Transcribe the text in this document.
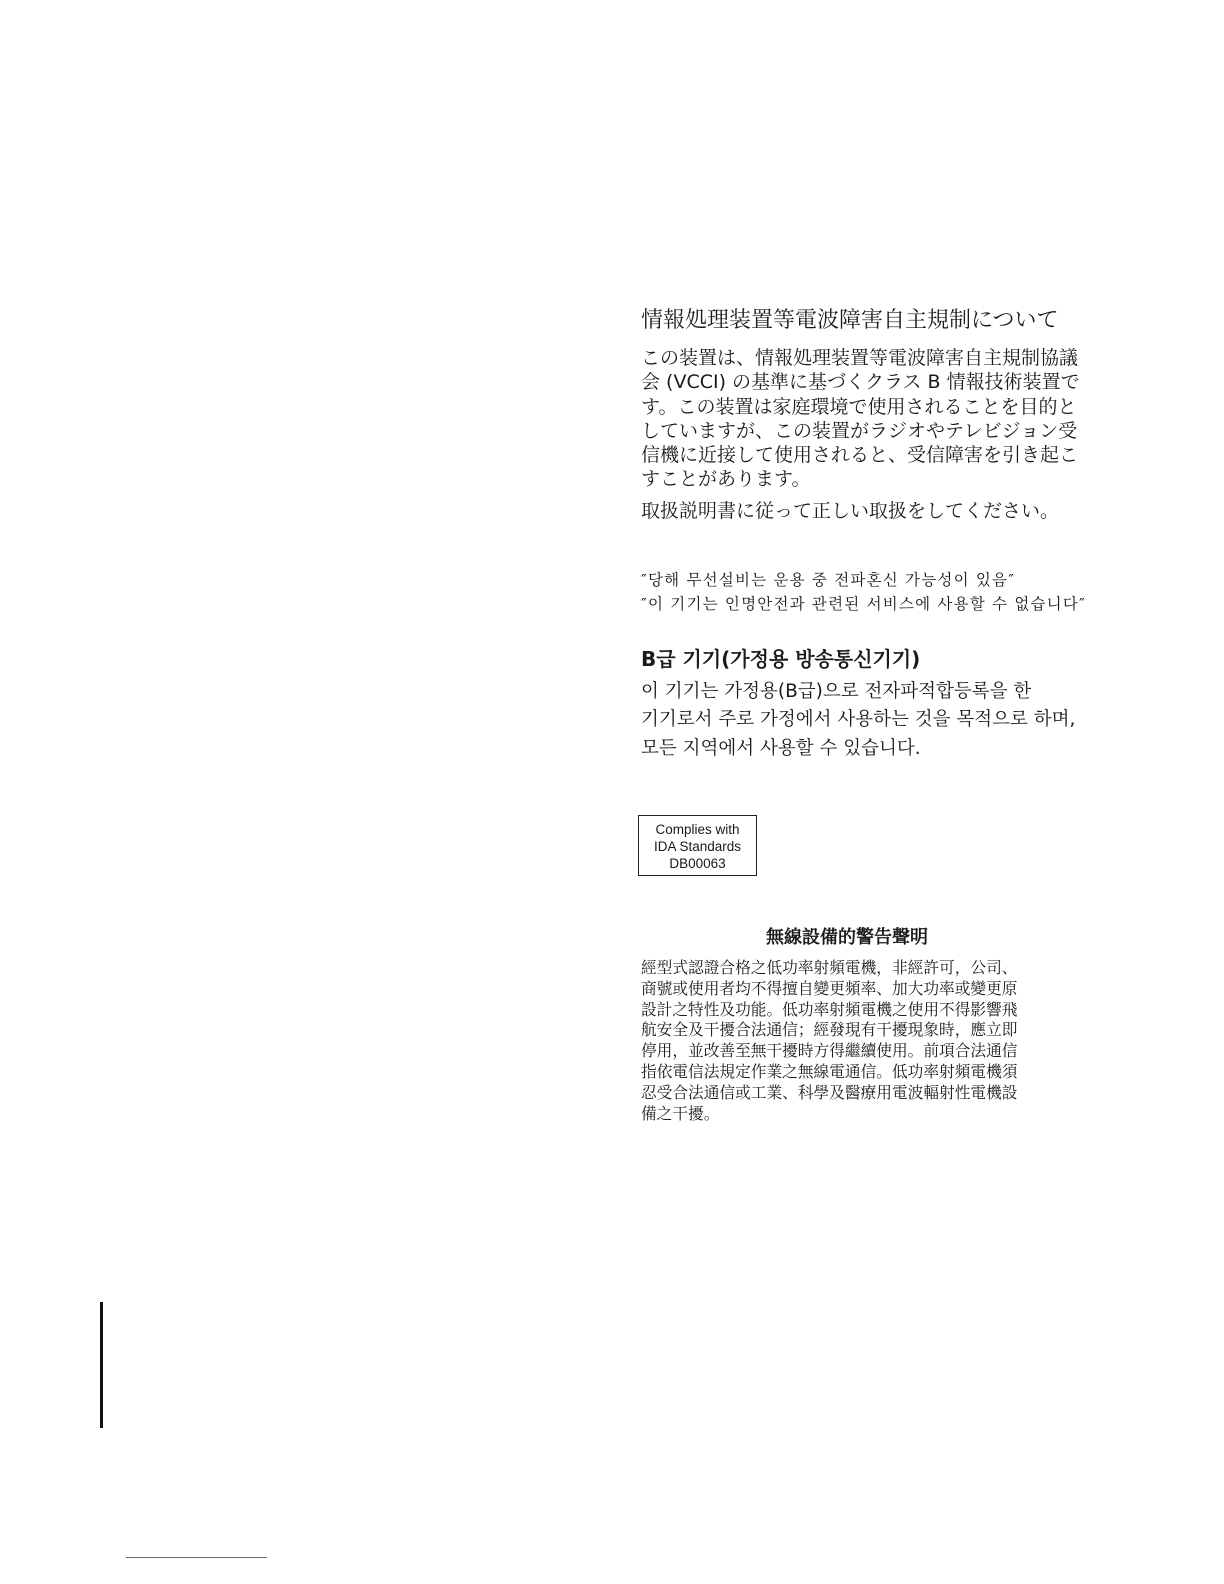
情報処理装置等電波障害自主規制について

この装置は、情報処理装置等電波障害自主規制協議
会 (VCCI) の基準に基づくクラス B 情報技術装置で
す。この装置は家庭環境で使用されることを目的と
していますが、この装置がラジオやテレビジョン受
信機に近接して使用されると、受信障害を引き起こ
すことがあります。

取扱説明書に従って正しい取扱をしてください。

″당해 무선설비는 운용 중 전파혼신 가능성이 있음″
″이 기기는 인명안전과 관련된 서비스에 사용할 수 없습니다″
B급 기기(가정용 방송통신기기)
이 기기는 가정용(B급)으로 전자파적합등록을 한
기기로서 주로 가정에서 사용하는 것을 목적으로 하며,
모든 지역에서 사용할 수 있습니다.
Complies with
IDA Standards
DB00063
無線設備的警告聲明
經型式認證合格之低功率射頻電機，非經許可，公司、
商號或使用者均不得擅自變更頻率、加大功率或變更原
設計之特性及功能。低功率射頻電機之使用不得影響飛
航安全及干擾合法通信；經發現有干擾現象時，應立即
停用，並改善至無干擾時方得繼續使用。前項合法通信
指依電信法規定作業之無線電通信。低功率射頻電機須
忍受合法通信或工業、科學及醫療用電波輻射性電機設
備之干擾。
